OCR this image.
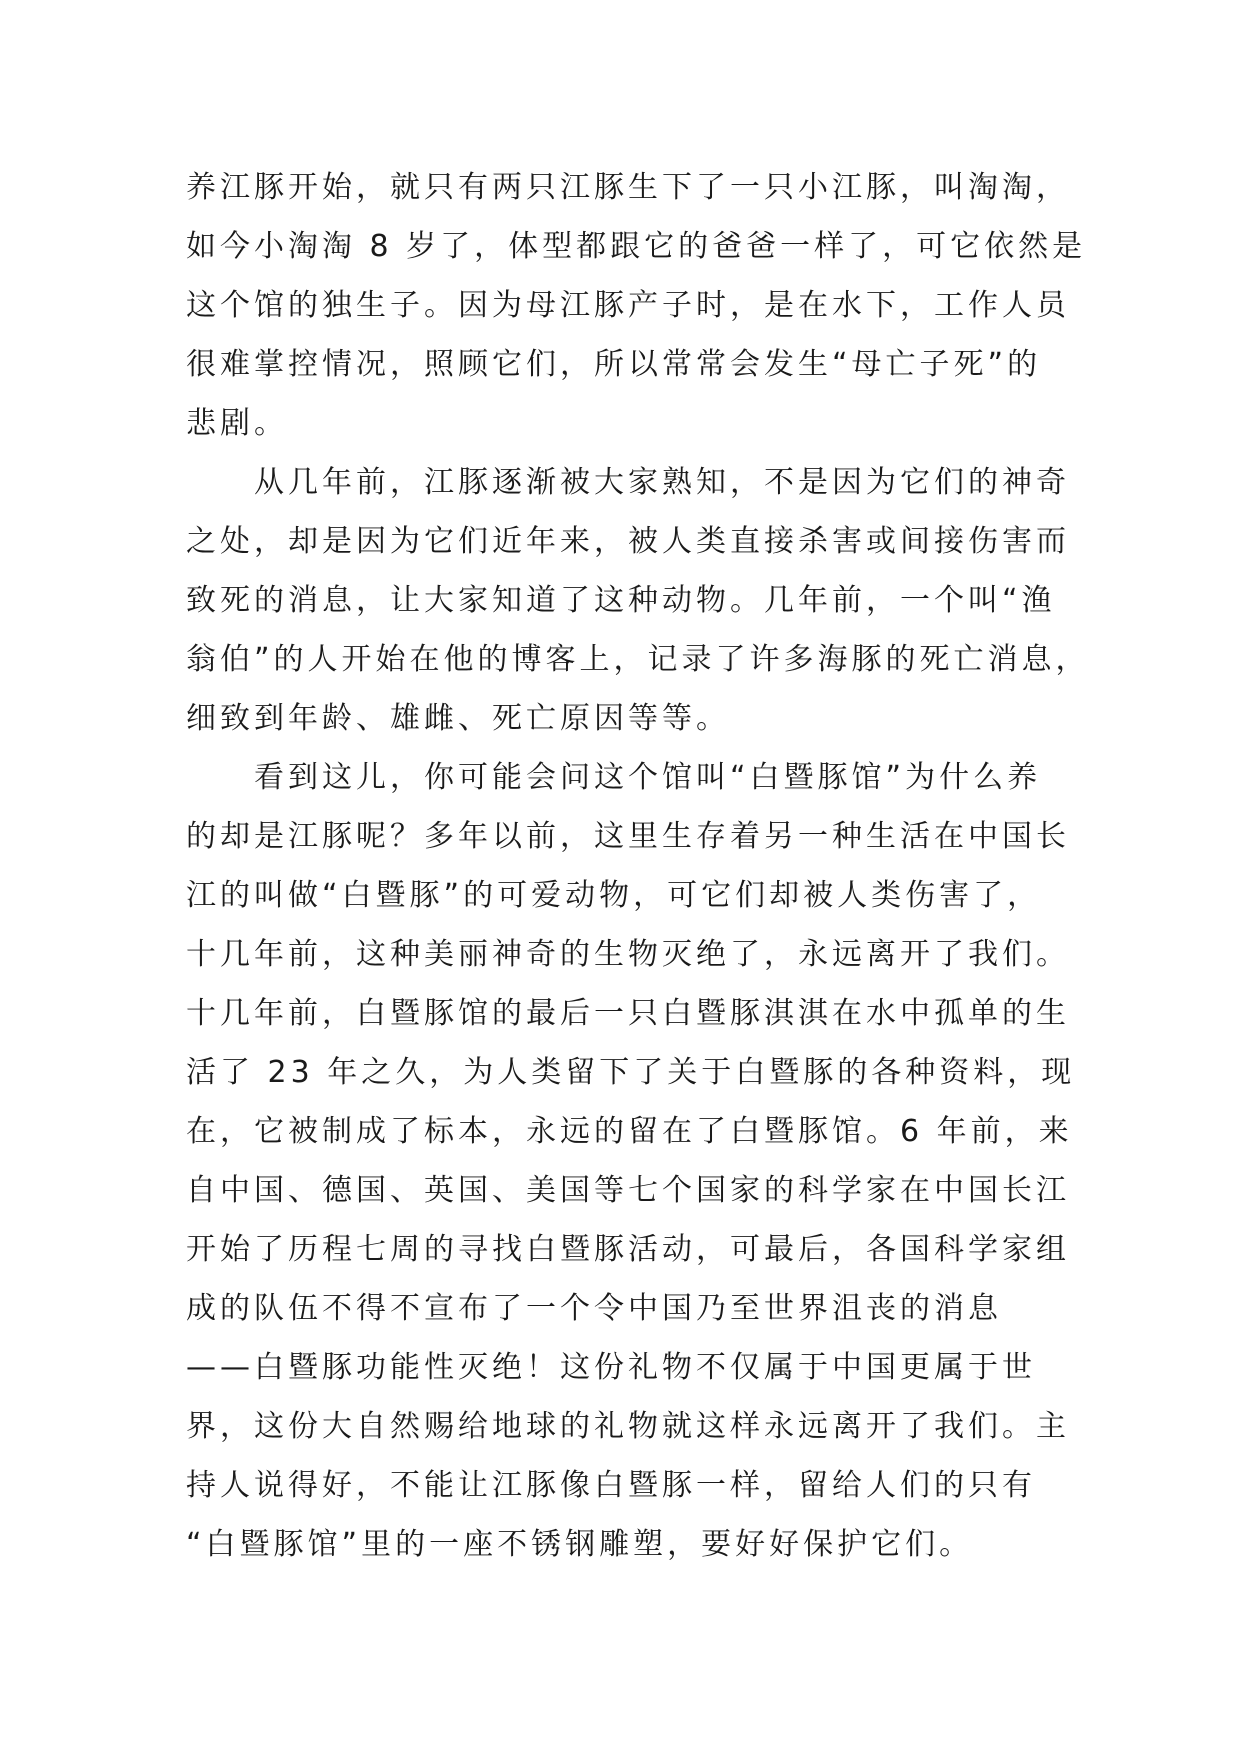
养江豚开始，就只有两只江豚生下了一只小江豚，叫淘淘，
如今小淘淘 8 岁了，体型都跟它的爸爸一样了，可它依然是
这个馆的独生子。因为母江豚产子时，是在水下，工作人员
很难掌控情况，照顾它们，所以常常会发生“母亡子死”的
悲剧。
从几年前，江豚逐渐被大家熟知，不是因为它们的神奇
之处，却是因为它们近年来，被人类直接杀害或间接伤害而
致死的消息，让大家知道了这种动物。几年前，一个叫“渔
翁伯”的人开始在他的博客上，记录了许多海豚的死亡消息，
细致到年龄、雄雌、死亡原因等等。
看到这儿，你可能会问这个馆叫“白暨豚馆”为什么养
的却是江豚呢？多年以前，这里生存着另一种生活在中国长
江的叫做“白暨豚”的可爱动物，可它们却被人类伤害了，
十几年前，这种美丽神奇的生物灭绝了，永远离开了我们。
十几年前，白暨豚馆的最后一只白暨豚淇淇在水中孤单的生
活了 23 年之久，为人类留下了关于白暨豚的各种资料，现
在，它被制成了标本，永远的留在了白暨豚馆。6 年前，来
自中国、德国、英国、美国等七个国家的科学家在中国长江
开始了历程七周的寻找白暨豚活动，可最后，各国科学家组
成的队伍不得不宣布了一个令中国乃至世界沮丧的消息
——白暨豚功能性灭绝！这份礼物不仅属于中国更属于世
界，这份大自然赐给地球的礼物就这样永远离开了我们。主
持人说得好，不能让江豚像白暨豚一样，留给人们的只有
“白暨豚馆”里的一座不锈钢雕塑，要好好保护它们。
